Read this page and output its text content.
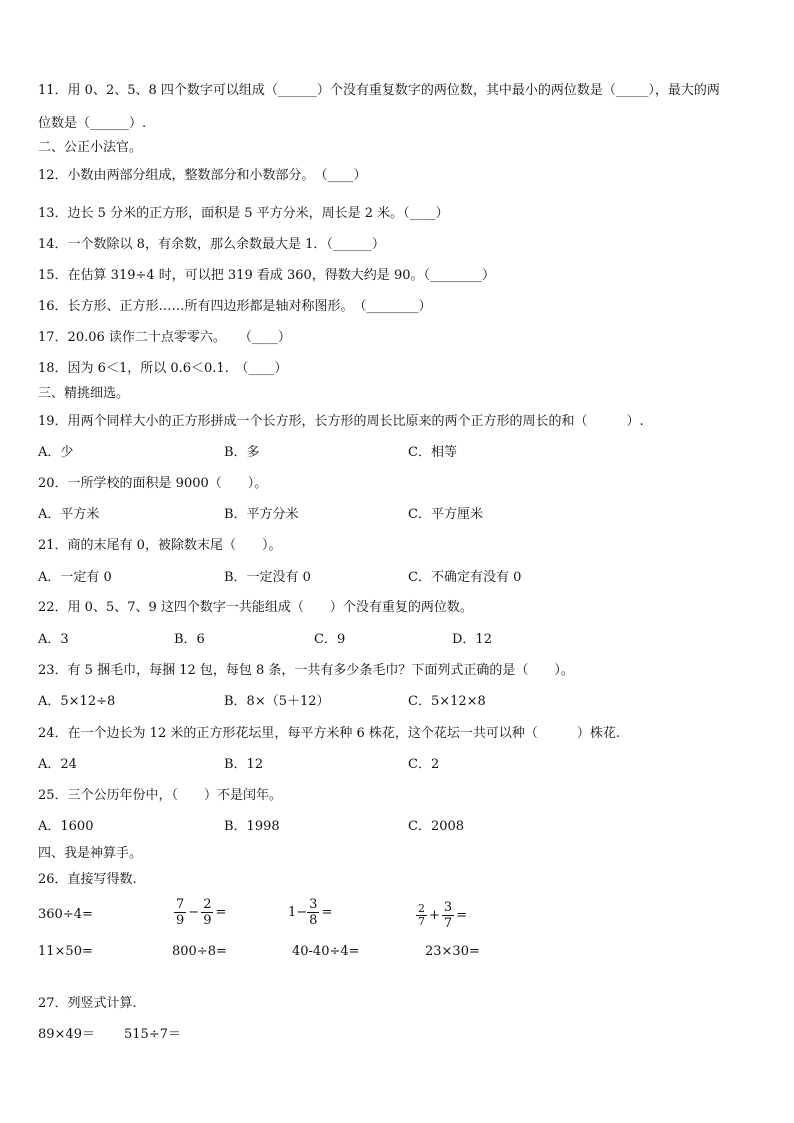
11．用 0、2、5、8 四个数字可以组成（______）个没有重复数字的两位数，其中最小的两位数是（_____），最大的两
位数是（______）.
二、公正小法官。
12．小数由两部分组成，整数部分和小数部分。　（____）
13．边长 5 分米的正方形，面积是 5 平方分米，周长是 2 米。（____）
14．一个数除以 8，有余数，那么余数最大是 1．（______）
15．在估算 319÷4 时，可以把 319 看成 360，得数大约是 90。（________）
16．长方形、正方形……所有四边形都是轴对称图形。　（________）
17．20.06 读作二十点零零六。　　（____）
18．因为 6＜1，所以 0.6＜0.1.　（____）
三、精挑细选。
19．用两个同样大小的正方形拼成一个长方形，长方形的周长比原来的两个正方形的周长的和（　　　）.
A．少	B．多	C．相等
20．一所学校的面积是 9000（　　）。
A．平方米	B．平方分米	C．平方厘米
21．商的末尾有 0，被除数末尾（　　）。
A．一定有 0	B．一定没有 0	C．不确定有没有 0
22．用 0、5、7、9 这四个数字一共能组成（　　）个没有重复的两位数。
A．3	B．6	C．9	D．12
23．有 5 捆毛巾，每捆 12 包，每包 8 条，一共有多少条毛巾？下面列式正确的是（　　）。
A．5×12÷8	B．8×（5＋12）	C．5×12×8
24．在一个边长为 12 米的正方形花坛里，每平方米种 6 株花，这个花坛一共可以种（　　　）株花.
A．24	B．12	C．2
25．三个公历年份中，（　　）不是闰年。
A．1600	B．1998	C．2008
四、我是神算手。
26．直接写得数.
360÷4=	$\frac{7}{9} - \frac{2}{9}$ =	$1- \frac{3}{8}$ =	$\frac{2}{7} + \frac{3}{7}$ =
11×50=	800÷8=	40-40÷4=	23×30=
27．列竖式计算.
89×49＝ 515÷7＝
